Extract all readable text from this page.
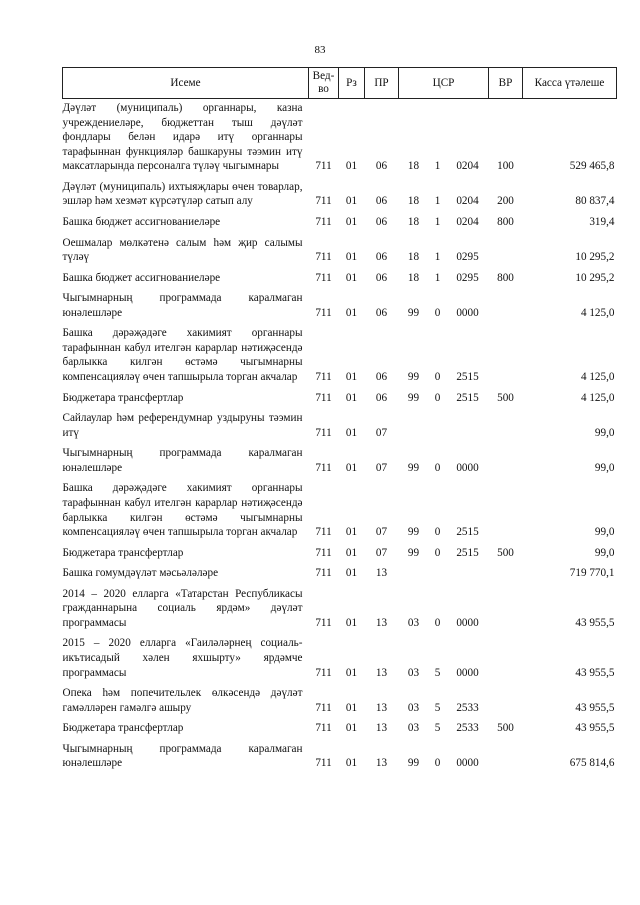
83
Исеме	Вед-во	Рз	ПР	ЦСР			ВР	Касса үтәлеше
Дәүләт (муниципаль) органнары, казна учреждениеләре, бюджеттан тыш дәүләт фондлары белән идарә итү органнары тарафыннан функцияләр башкаруны тәэмин итү максатларында персоналга түләү чыгымнары	711	01	06	18	1	0204	100	529 465,8
Дәүләт (муниципаль) ихтыяҗлары өчен товарлар, эшләр һәм хезмәт күрсәтүләр сатып алу	711	01	06	18	1	0204	200	80 837,4
Башка бюджет ассигнованиеләре	711	01	06	18	1	0204	800	319,4
Оешмалар мөлкәтенә салым һәм җир салымы түләү	711	01	06	18	1	0295		10 295,2
Башка бюджет ассигнованиеләре	711	01	06	18	1	0295	800	10 295,2
Чыгымнарның программада каралмаган юнәлешләре	711	01	06	99	0	0000		4 125,0
Башка дәрәҗәдәге хакимият органнары тарафыннан кабул ителгән карарлар нәтиҗәсендә барлыкка килгән өстәмә чыгымнарны компенсацияләү өчен тапшырыла торган акчалар	711	01	06	99	0	2515		4 125,0
Бюджетара трансфертлар	711	01	06	99	0	2515	500	4 125,0
Сайлаулар һәм референдумнар уздыруны тәэмин итү	711	01	07					99,0
Чыгымнарның программада каралмаган юнәлешләре	711	01	07	99	0	0000		99,0
Башка дәрәҗәдәге хакимият органнары тарафыннан кабул ителгән карарлар нәтиҗәсендә барлыкка килгән өстәмә чыгымнарны компенсацияләү өчен тапшырыла торган акчалар	711	01	07	99	0	2515		99,0
Бюджетара трансфертлар	711	01	07	99	0	2515	500	99,0
Башка гомумдәүләт мәсьәләләре	711	01	13					719 770,1
2014 – 2020 елларга «Татарстан Республикасы гражданнарына социаль ярдәм» дәүләт программасы	711	01	13	03	0	0000		43 955,5
2015 – 2020 елларга «Гаиләләрнең социаль-икътисадый хәлен яхшырту» ярдәмче программасы	711	01	13	03	5	0000		43 955,5
Опека һәм попечительлек өлкәсендә дәүләт гамәлләрен гамәлгә ашыру	711	01	13	03	5	2533		43 955,5
Бюджетара трансфертлар	711	01	13	03	5	2533	500	43 955,5
Чыгымнарның программада каралмаган юнәлешләре	711	01	13	99	0	0000		675 814,6
